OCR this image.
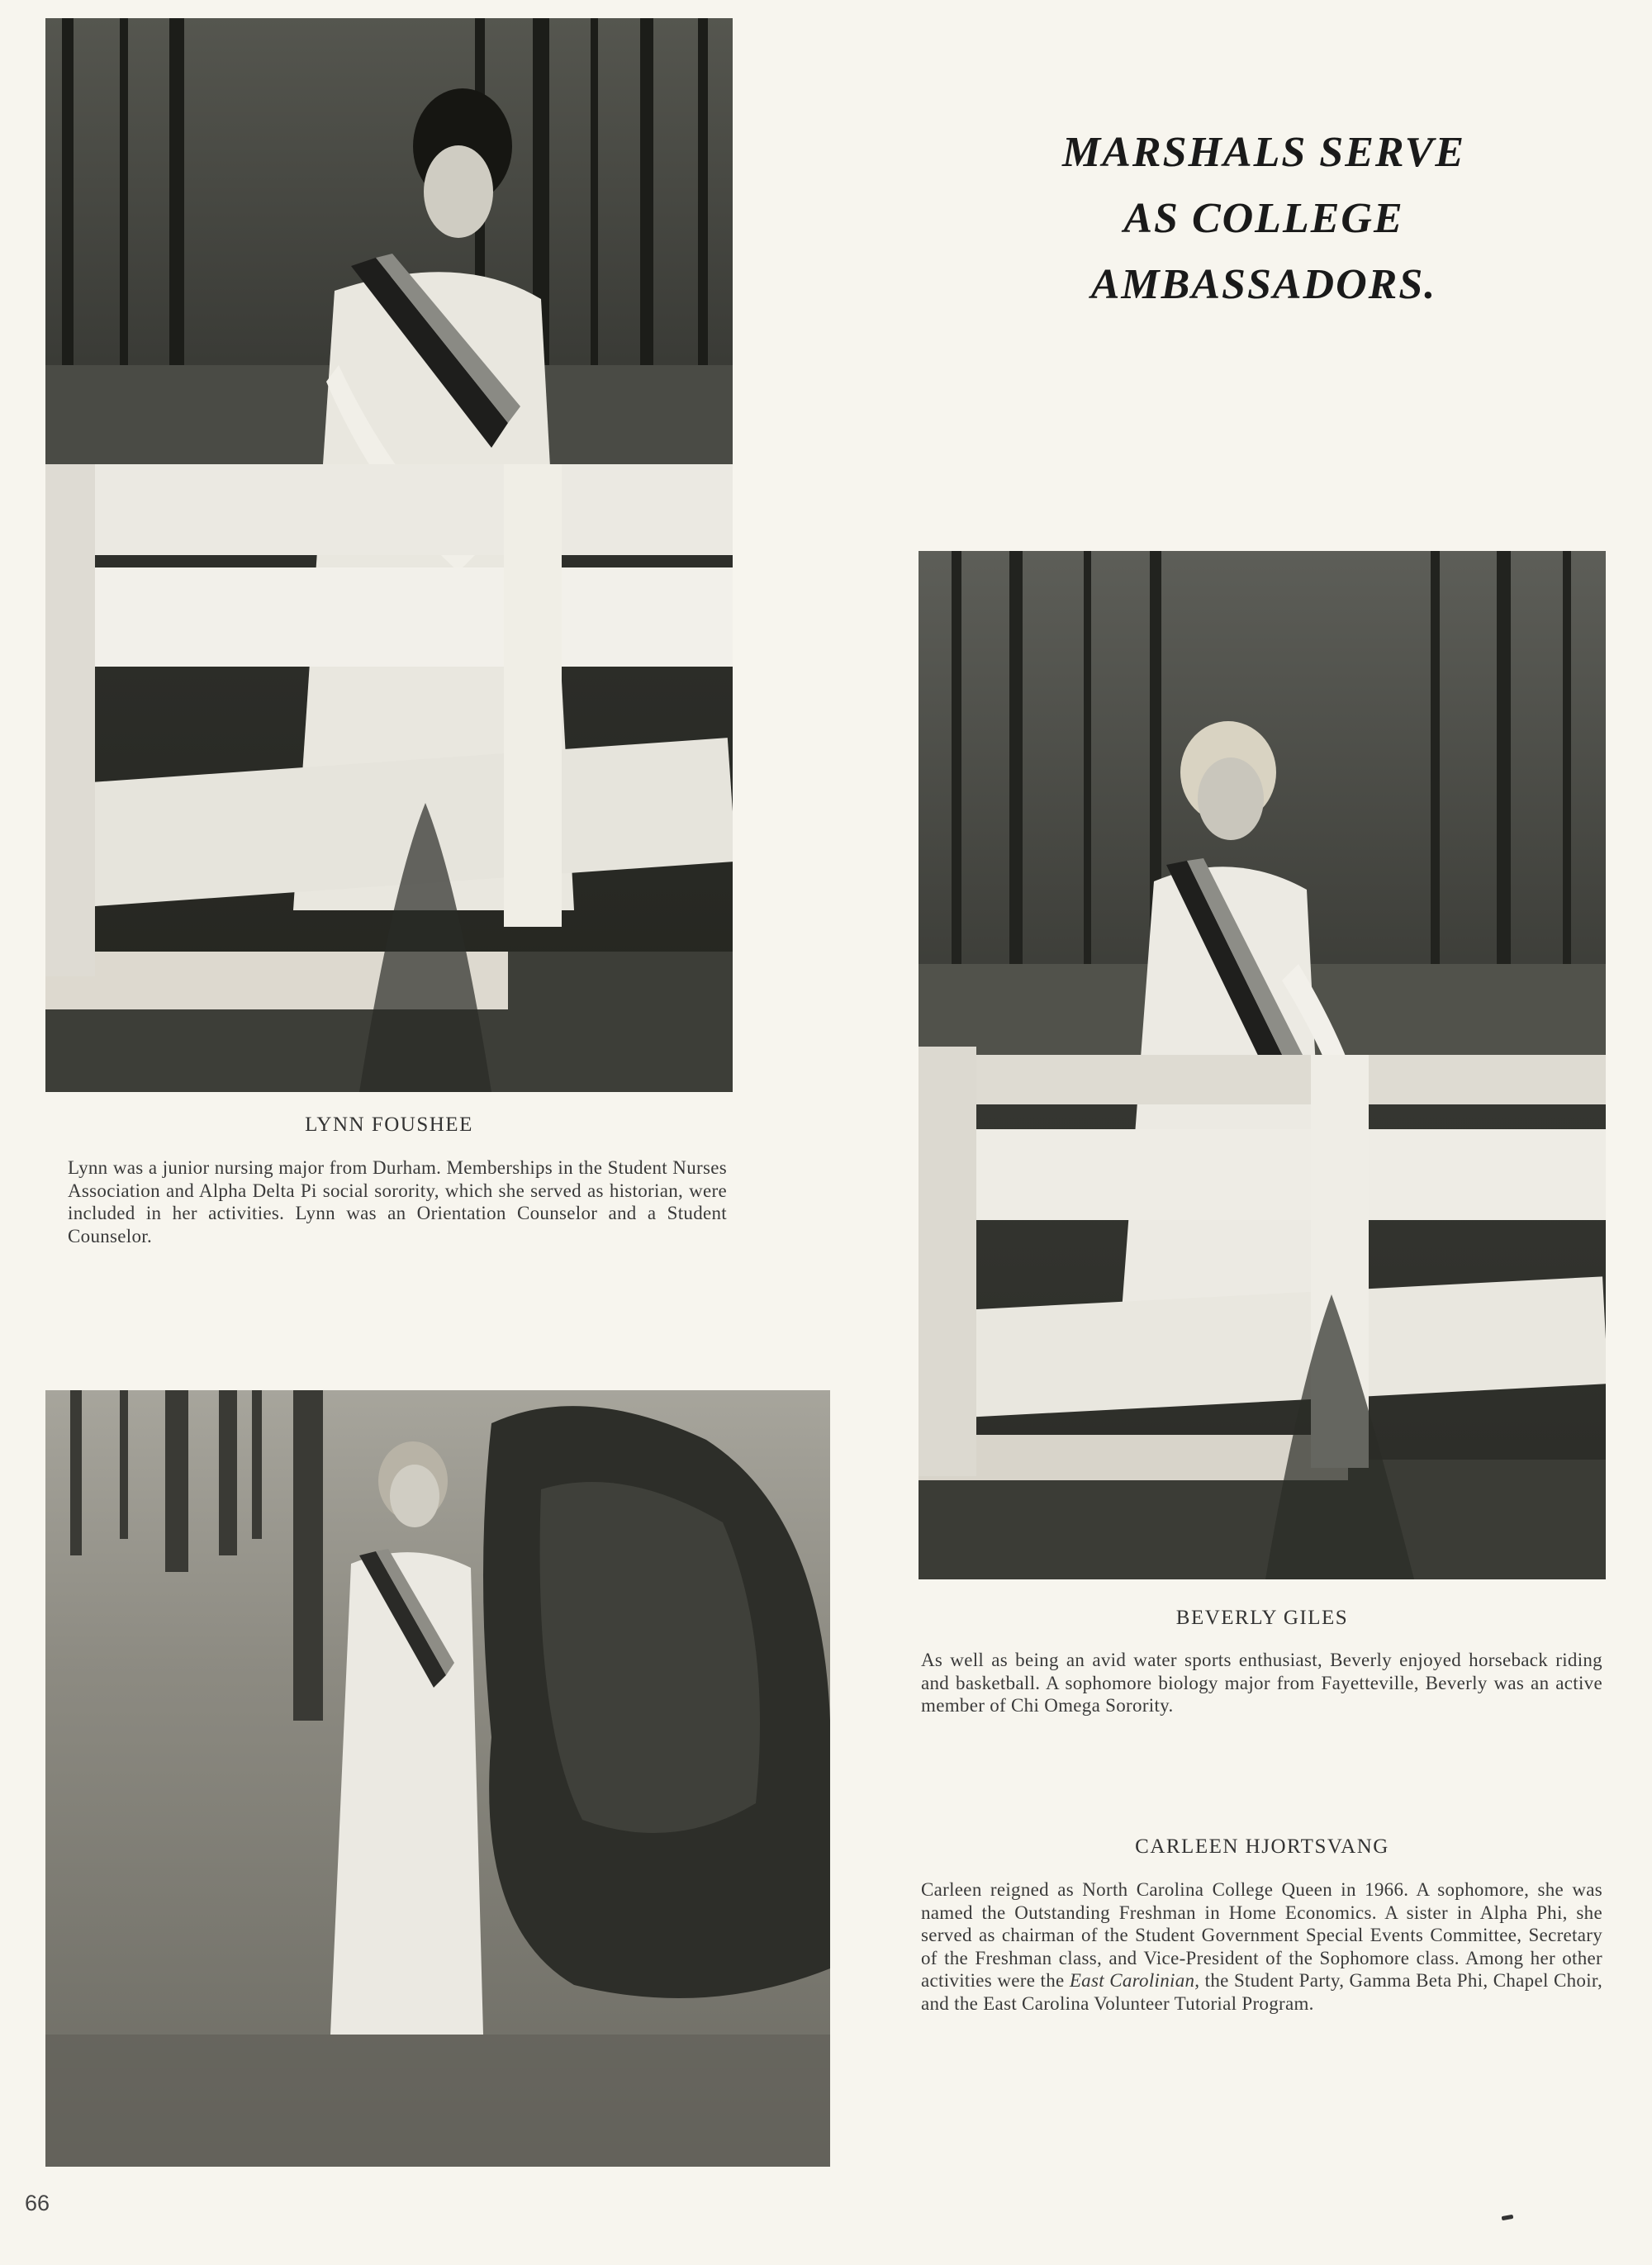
MARSHALS SERVE
AS COLLEGE
AMBASSADORS.
LYNN FOUSHEE
Lynn was a junior nursing major from Durham. Memberships in the Student Nurses Association and Alpha Delta Pi social sorority, which she served as historian, were included in her activities. Lynn was an Orientation Counselor and a Student Counselor.
BEVERLY GILES
As well as being an avid water sports enthusiast, Beverly enjoyed horseback riding and basketball. A sophomore biology major from Fayetteville, Beverly was an active member of Chi Omega Sorority.
CARLEEN HJORTSVANG
Carleen reigned as North Carolina College Queen in 1966. A sophomore, she was named the Outstanding Freshman in Home Economics. A sister in Alpha Phi, she served as chairman of the Student Government Special Events Committee, Secretary of the Freshman class, and Vice-President of the Sophomore class. Among her other activities were the East Carolinian, the Student Party, Gamma Beta Phi, Chapel Choir, and the East Carolina Volunteer Tutorial Program.
66
